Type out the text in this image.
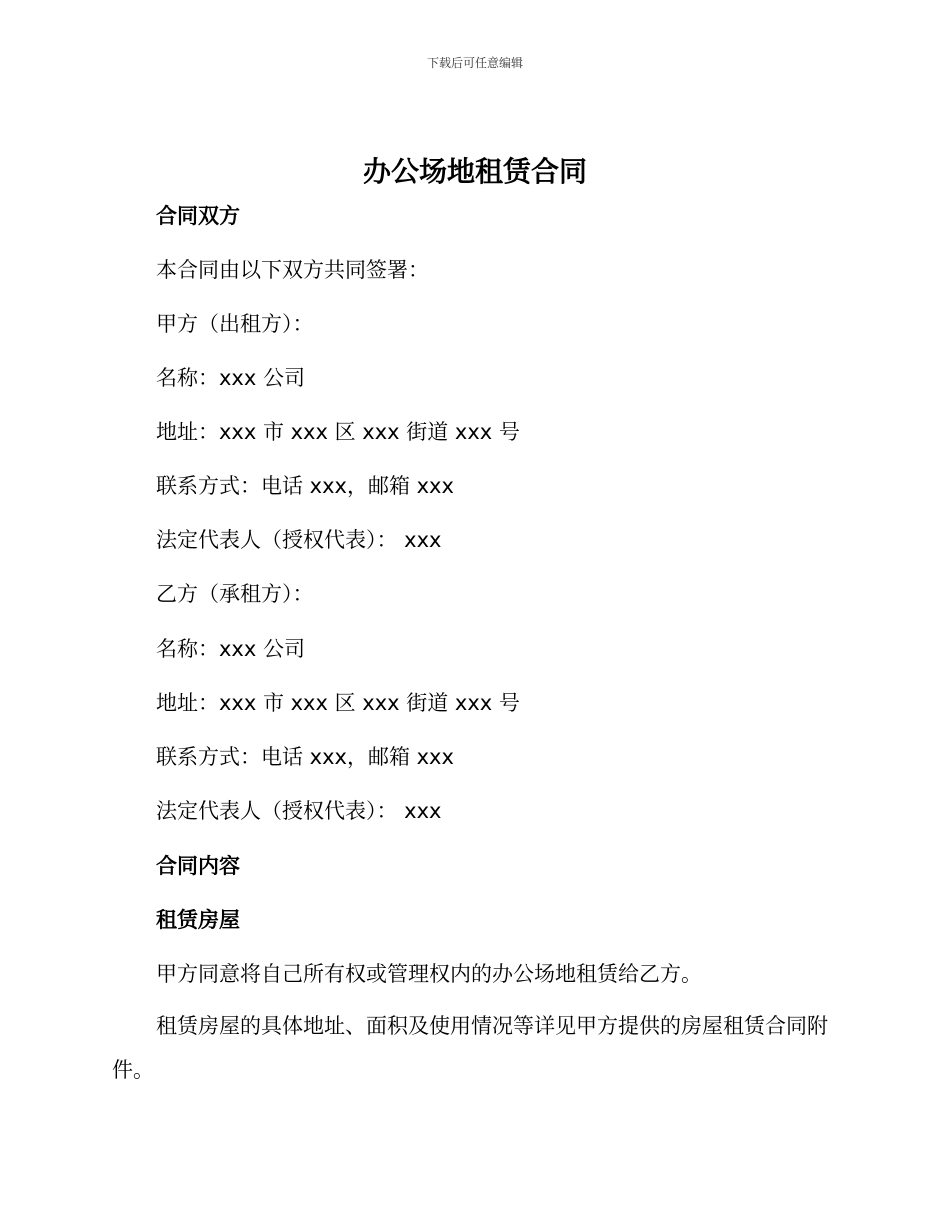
下载后可任意编辑
办公场地租赁合同
合同双方
本合同由以下双方共同签署：
甲方（出租方）：
名称：xxx 公司
地址：xxx 市 xxx 区 xxx 街道 xxx 号
联系方式：电话 xxx，邮箱 xxx
法定代表人（授权代表）： xxx
乙方（承租方）：
名称：xxx 公司
地址：xxx 市 xxx 区 xxx 街道 xxx 号
联系方式：电话 xxx，邮箱 xxx
法定代表人（授权代表）： xxx
合同内容
租赁房屋
甲方同意将自己所有权或管理权内的办公场地租赁给乙方。
租赁房屋的具体地址、面积及使用情况等详见甲方提供的房屋租赁合同附件。
